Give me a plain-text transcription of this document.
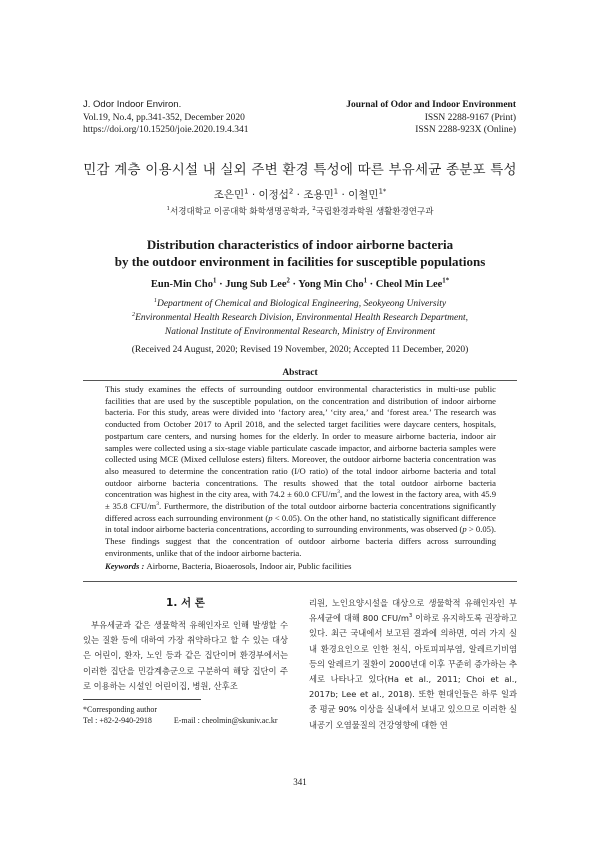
J. Odor Indoor Environ.
Vol.19, No.4, pp.341-352, December 2020
https://doi.org/10.15250/joie.2020.19.4.341
Journal of Odor and Indoor Environment
ISSN 2288-9167 (Print)
ISSN 2288-923X (Online)
민감 계층 이용시설 내 실외 주변 환경 특성에 따른 부유세균 종분포 특성
조은민$^1$ · 이정섭$^2$ · 조용민$^1$ · 이철민$^{1*}$
$^1$서경대학교 이공대학 화학생명공학과, $^2$국립환경과학원 생활환경연구과
Distribution characteristics of indoor airborne bacteria
by the outdoor environment in facilities for susceptible populations
Eun-Min Cho$^1$ · Jung Sub Lee$^2$ · Yong Min Cho$^1$ · Cheol Min Lee$^{1*}$
$^1$Department of Chemical and Biological Engineering, Seokyeong University
$^2$Environmental Health Research Division, Environmental Health Research Department,
National Institute of Environmental Research, Ministry of Environment
(Received 24 August, 2020; Revised 19 November, 2020; Accepted 11 December, 2020)
Abstract
This study examines the effects of surrounding outdoor environmental characteristics in multi-use public facilities that are used by the susceptible population, on the concentration and distribution of indoor airborne bacteria. For this study, areas were divided into ‘factory area,’ ‘city area,’ and ‘forest area.’ The research was conducted from October 2017 to April 2018, and the selected target facilities were daycare centers, hospitals, postpartum care centers, and nursing homes for the elderly. In order to measure airborne bacteria, indoor air samples were collected using a six-stage viable particulate cascade impactor, and airborne bacteria samples were collected using MCE (Mixed cellulose esters) filters. Moreover, the outdoor airborne bacteria concentration was also measured to determine the concentration ratio (I/O ratio) of the total indoor airborne bacteria and total outdoor airborne bacteria concentrations. The results showed that the total outdoor airborne bacteria concentration was highest in the city area, with 74.2 ± 60.0 CFU/$m^3$, and the lowest in the factory area, with 45.9 ± 35.8 CFU/$m^3$. Furthermore, the distribution of the total outdoor airborne bacteria concentrations significantly differed across each surrounding environment (p < 0.05). On the other hand, no statistically significant difference in total indoor airborne bacteria concentrations, according to surrounding environments, was observed (p > 0.05). These findings suggest that the concentration of outdoor airborne bacteria differs across surrounding environments, unlike that of the indoor airborne bacteria.
Keywords : Airborne, Bacteria, Bioaerosols, Indoor air, Public facilities
1. 서 론
부유세균과 같은 생물학적 유해인자로 인해 발생할 수 있는 질환 등에 대하여 가장 취약하다고 할 수 있는 대상은 어린이, 환자, 노인 등과 같은 집단이며 환경부에서는 이러한 집단을 민감계층군으로 구분하여 해당 집단이 주로 이용하는 시설인 어린이집, 병원, 산후조
리원, 노인요양시설을 대상으로 생물학적 유해인자인 부유세균에 대해 800 CFU/$m^3$ 이하로 유지하도록 권장하고 있다. 최근 국내에서 보고된 결과에 의하면, 여러 가지 실내 환경요인으로 인한 천식, 아토피피부염, 알레르기비염 등의 알레르기 질환이 2000년대 이후 꾸준히 증가하는 추세로 나타나고 있다(Ha et al., 2011; Choi et al., 2017b; Lee et al., 2018). 또한 현대인들은 하루 일과 중 평균 90% 이상을 실내에서 보내고 있으므로 이러한 실내공기 오염물질의 건강영향에 대한 연
*Corresponding author
Tel : +82-2-940-2918	E-mail : cheolmin@skuniv.ac.kr
341
